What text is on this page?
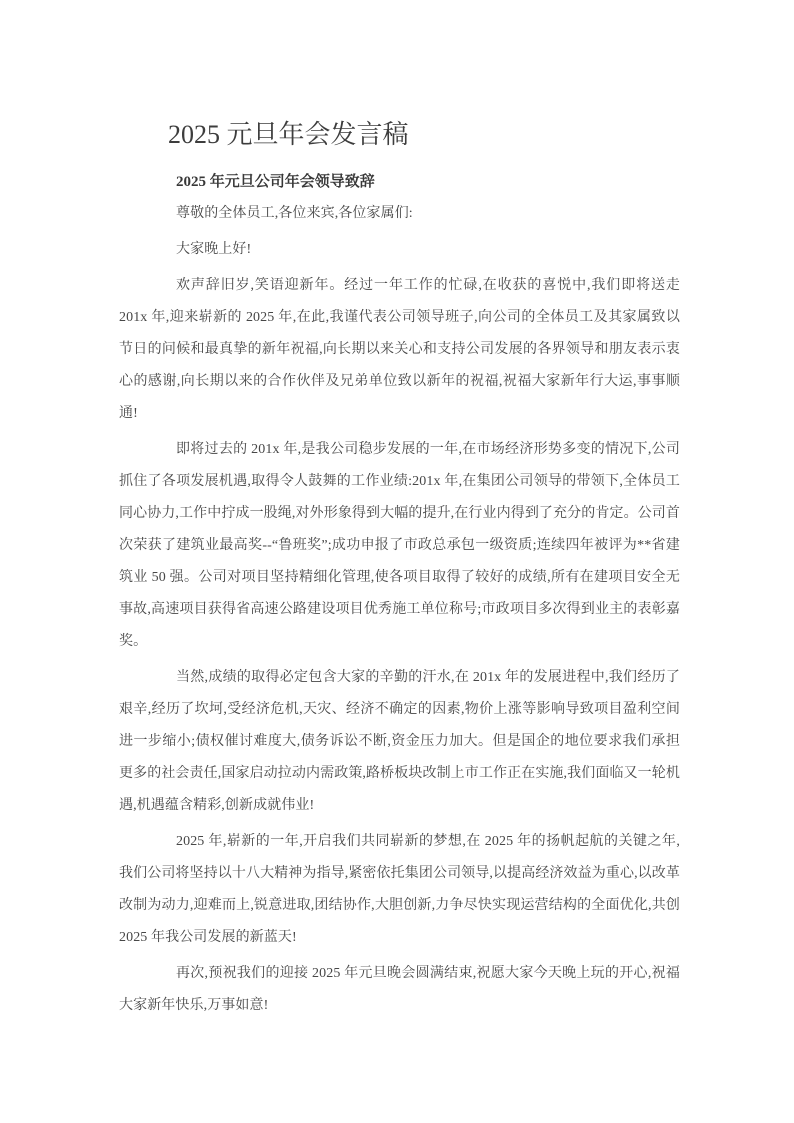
2025 元旦年会发言稿
2025 年元旦公司年会领导致辞

尊敬的全体员工,各位来宾,各位家属们:

大家晚上好!

欢声辞旧岁,笑语迎新年。经过一年工作的忙碌,在收获的喜悦中,我们即将送走 201x 年,迎来崭新的 2025 年,在此,我谨代表公司领导班子,向公司的全体员工及其家属致以节日的问候和最真挚的新年祝福,向长期以来关心和支持公司发展的各界领导和朋友表示衷心的感谢,向长期以来的合作伙伴及兄弟单位致以新年的祝福,祝福大家新年行大运,事事顺通!

即将过去的 201x 年,是我公司稳步发展的一年,在市场经济形势多变的情况下,公司抓住了各项发展机遇,取得令人鼓舞的工作业绩:201x 年,在集团公司领导的带领下,全体员工同心协力,工作中拧成一股绳,对外形象得到大幅的提升,在行业内得到了充分的肯定。公司首次荣获了建筑业最高奖--“鲁班奖”;成功申报了市政总承包一级资质;连续四年被评为**省建筑业 50 强。公司对项目坚持精细化管理,使各项目取得了较好的成绩,所有在建项目安全无事故,高速项目获得省高速公路建设项目优秀施工单位称号;市政项目多次得到业主的表彰嘉奖。

当然,成绩的取得必定包含大家的辛勤的汗水,在 201x 年的发展进程中,我们经历了艰辛,经历了坎坷,受经济危机,天灾、经济不确定的因素,物价上涨等影响导致项目盈利空间进一步缩小;债权催讨难度大,债务诉讼不断,资金压力加大。但是国企的地位要求我们承担更多的社会责任,国家启动拉动内需政策,路桥板块改制上市工作正在实施,我们面临又一轮机遇,机遇蕴含精彩,创新成就伟业!

2025 年,崭新的一年,开启我们共同崭新的梦想,在 2025 年的扬帆起航的关键之年,我们公司将坚持以十八大精神为指导,紧密依托集团公司领导,以提高经济效益为重心,以改革改制为动力,迎难而上,锐意进取,团结协作,大胆创新,力争尽快实现运营结构的全面优化,共创 2025 年我公司发展的新蓝天!

再次,预祝我们的迎接 2025 年元旦晚会圆满结束,祝愿大家今天晚上玩的开心,祝福大家新年快乐,万事如意!
